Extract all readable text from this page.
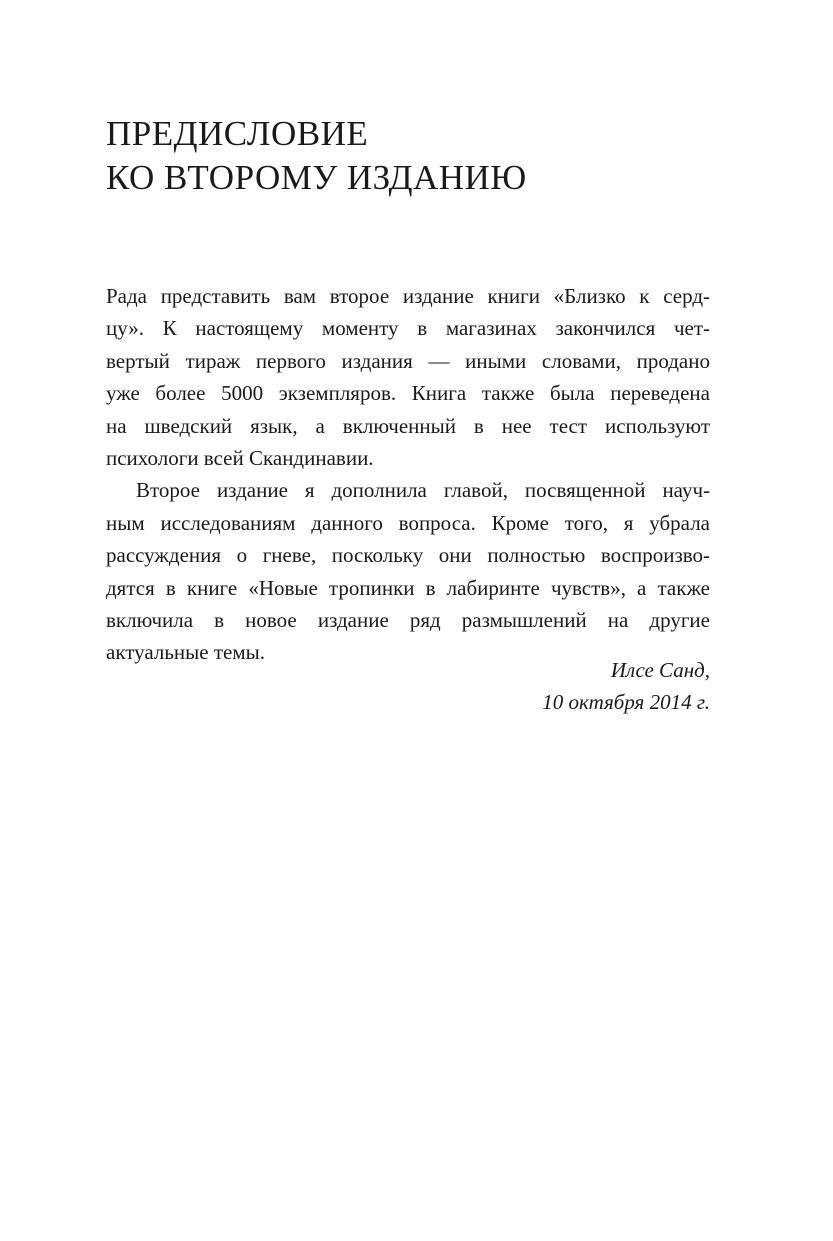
ПРЕДИСЛОВИЕ
КО ВТОРОМУ ИЗДАНИЮ

Рада представить вам второе издание книги «Близко к серд-
цу». К настоящему моменту в магазинах закончился чет-
вертый тираж первого издания — иными словами, продано
уже более 5000 экземпляров. Книга также была переведена
на шведский язык, а включенный в нее тест используют
психологи всей Скандинавии.

Второе издание я дополнила главой, посвященной науч-
ным исследованиям данного вопроса. Кроме того, я убрала
рассуждения о гневе, поскольку они полностью воспроизво-
дятся в книге «Новые тропинки в лабиринте чувств», а также
включила в новое издание ряд размышлений на другие
актуальные темы.

Илсе Санд,
10 октября 2014 г.
